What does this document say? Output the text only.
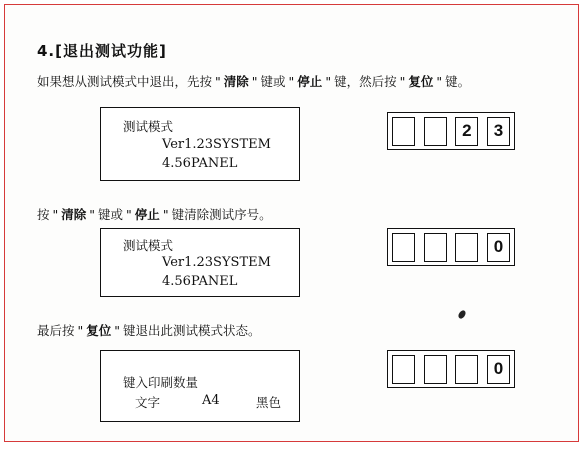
4.[退出测试功能]
如果想从测试模式中退出，先按 " 清除 " 键或 " 停止 " 键，然后按 " 复位 " 键。
测试模式
Ver1.23SYSTEM
4.56PANEL
2	3
按 " 清除 " 键或 " 停止 " 键清除测试序号。
测试模式
Ver1.23SYSTEM
4.56PANEL
0
最后按 " 复位 " 键退出此测试模式状态。
键入印刷数量
文字	A4	黑色
0
